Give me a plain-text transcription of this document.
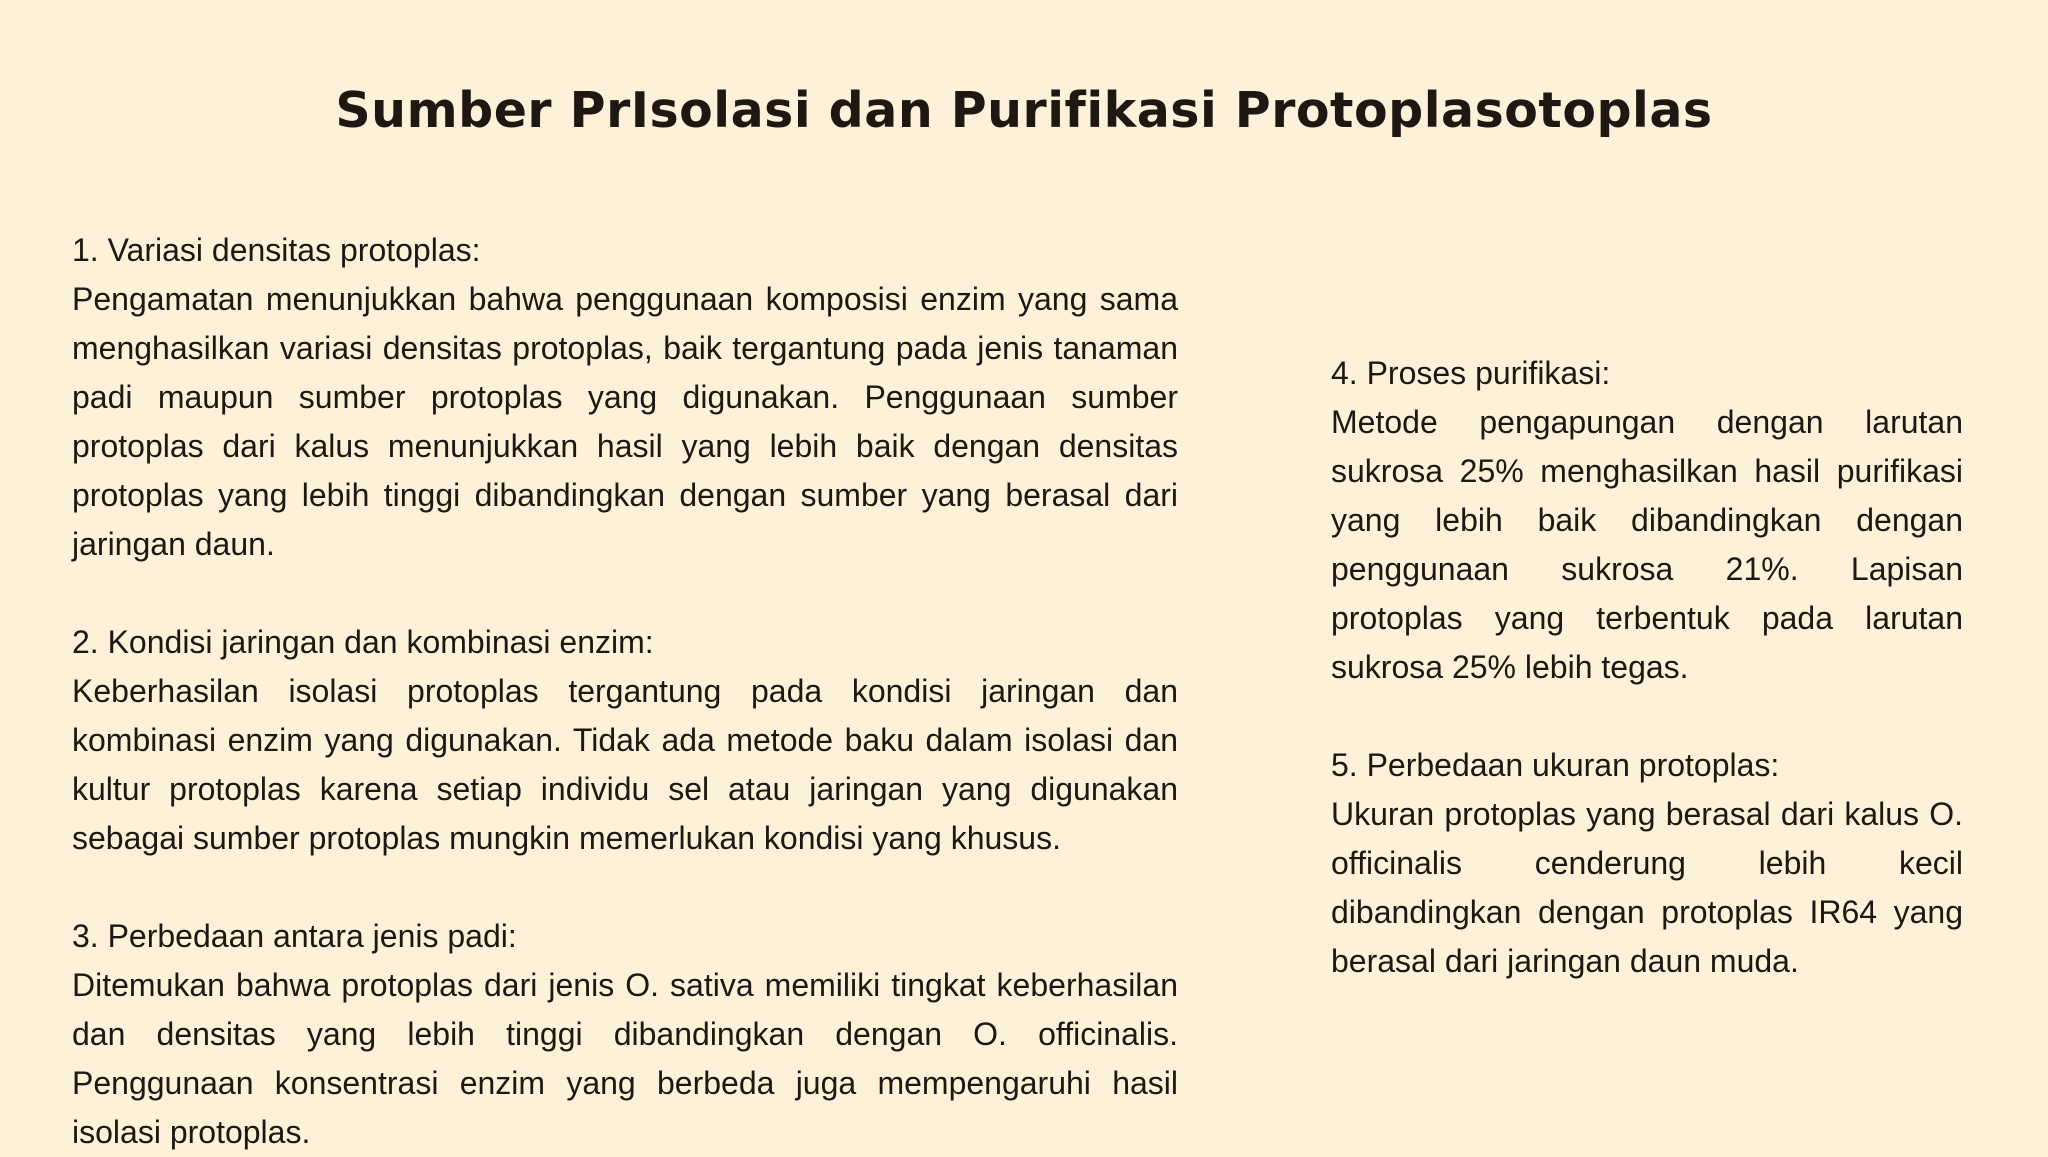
Sumber PrIsolasi dan Purifikasi Protoplasotoplas
1. Variasi densitas protoplas:
Pengamatan menunjukkan bahwa penggunaan komposisi enzim yang sama menghasilkan variasi densitas protoplas, baik tergantung pada jenis tanaman padi maupun sumber protoplas yang digunakan. Penggunaan sumber protoplas dari kalus menunjukkan hasil yang lebih baik dengan densitas protoplas yang lebih tinggi dibandingkan dengan sumber yang berasal dari jaringan daun.
2. Kondisi jaringan dan kombinasi enzim:
Keberhasilan isolasi protoplas tergantung pada kondisi jaringan dan kombinasi enzim yang digunakan. Tidak ada metode baku dalam isolasi dan kultur protoplas karena setiap individu sel atau jaringan yang digunakan sebagai sumber protoplas mungkin memerlukan kondisi yang khusus.
3. Perbedaan antara jenis padi:
Ditemukan bahwa protoplas dari jenis O. sativa memiliki tingkat keberhasilan dan densitas yang lebih tinggi dibandingkan dengan O. officinalis. Penggunaan konsentrasi enzim yang berbeda juga mempengaruhi hasil isolasi protoplas.
4. Proses purifikasi:
Metode pengapungan dengan larutan sukrosa 25% menghasilkan hasil purifikasi yang lebih baik dibandingkan dengan penggunaan sukrosa 21%. Lapisan protoplas yang terbentuk pada larutan sukrosa 25% lebih tegas.
5. Perbedaan ukuran protoplas:
Ukuran protoplas yang berasal dari kalus O. officinalis cenderung lebih kecil dibandingkan dengan protoplas IR64 yang berasal dari jaringan daun muda.
